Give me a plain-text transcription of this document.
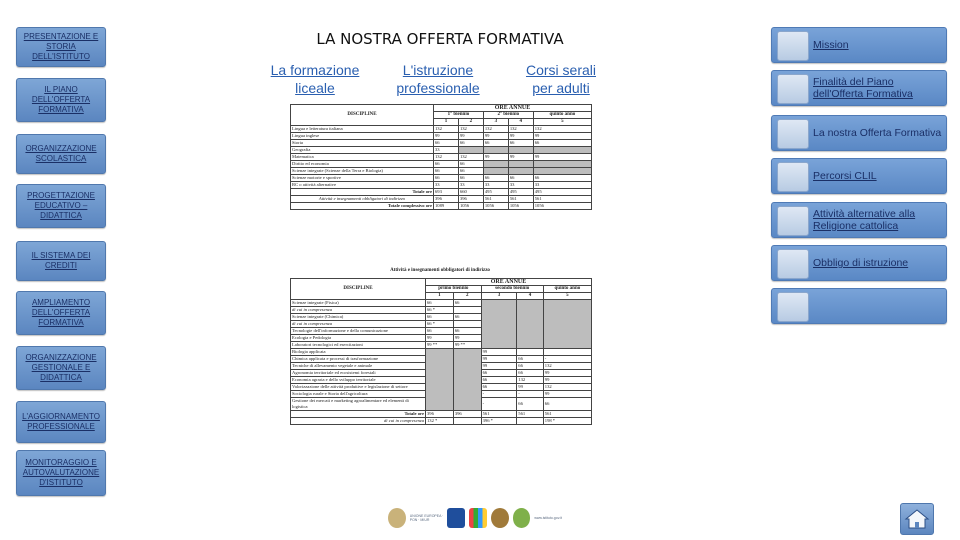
PRESENTAZIONE E STORIA DELL'ISTITUTO
IL PIANO DELL'OFFERTA FORMATIVA
ORGANIZZAZIONE SCOLASTICA
PROGETTAZIONE EDUCATIVO – DIDATTICA
IL SISTEMA DEI CREDITI
AMPLIAMENTO DELL'OFFERTA FORMATIVA
ORGANIZZAZIONE GESTIONALE E DIDATTICA
L'AGGIORNAMENTO PROFESSIONALE
MONITORAGGIO E AUTOVALUTAZIONE D'ISTITUTO
LA NOSTRA OFFERTA FORMATIVA
La formazione liceale
L'istruzione professionale
Corsi serali per adulti
DISCIPLINE	ORE ANNUE				
	1° biennio		2° biennio		quinto anno
	1	2	3	4	5
Lingua e letteratura italiana	132	132	132	132	132
Lingua inglese	99	99	99	99	99
Storia	66	66	66	66	66
Geografia	33				
Matematica	132	132	99	99	99
Diritto ed economia	66	66			
Scienze integrate (Scienze della Terra e Biologia)	66	66			
Scienze motorie e sportive	66	66	66	66	66
RC o attività alternative	33	33	33	33	33
Totale ore	693	660	495	495	495
Attività e insegnamenti obbligatori di indirizzo	396	396	561	561	561
Totale complessivo ore	1089	1056	1056	1056	1056
Attività e insegnamenti obbligatori di indirizzo
DISCIPLINE	ORE ANNUE				
	primo biennio		secondo biennio		quinto anno
	1	2	3	4	5
Scienze integrate (Fisica)	66	66			
di cui in compresenza	66 *				
Scienze integrate (Chimica)	66	66			
di cui in compresenza	66 *				
Tecnologie dell'informazione e della comunicazione	66	66			
Ecologia e Pedologia	99	99			
Laboratori tecnologici ed esercitazioni	99 **	99 **			
Biologia applicata			99		
Chimica applicata e processi di trasformazione			99	66	-
Tecniche di allevamento vegetale e animale			99	66	132
Agronomia territoriale ed ecosistemi forestali			66	66	99
Economia agraria e dello sviluppo territoriale			66	132	99
Valorizzazione delle attività produttive e legislazione di settore			66	99	132
Sociologia rurale e Storia dell'agricoltura			-	-	99
Gestione dei mercati e marketing agroalimentare ed elementi di logistica			-	66	66
Totale ore	396	396	561	561	561
di cui in compresenza	132 *		396 *		198 *
UNIONE EUROPEA · PON · MIUR	www.istituto.gov.it
Mission
Finalità del Piano dell'Offerta Formativa
La nostra Offerta Formativa
Percorsi CLIL
Attività alternative alla Religione cattolica
Obbligo di istruzione
